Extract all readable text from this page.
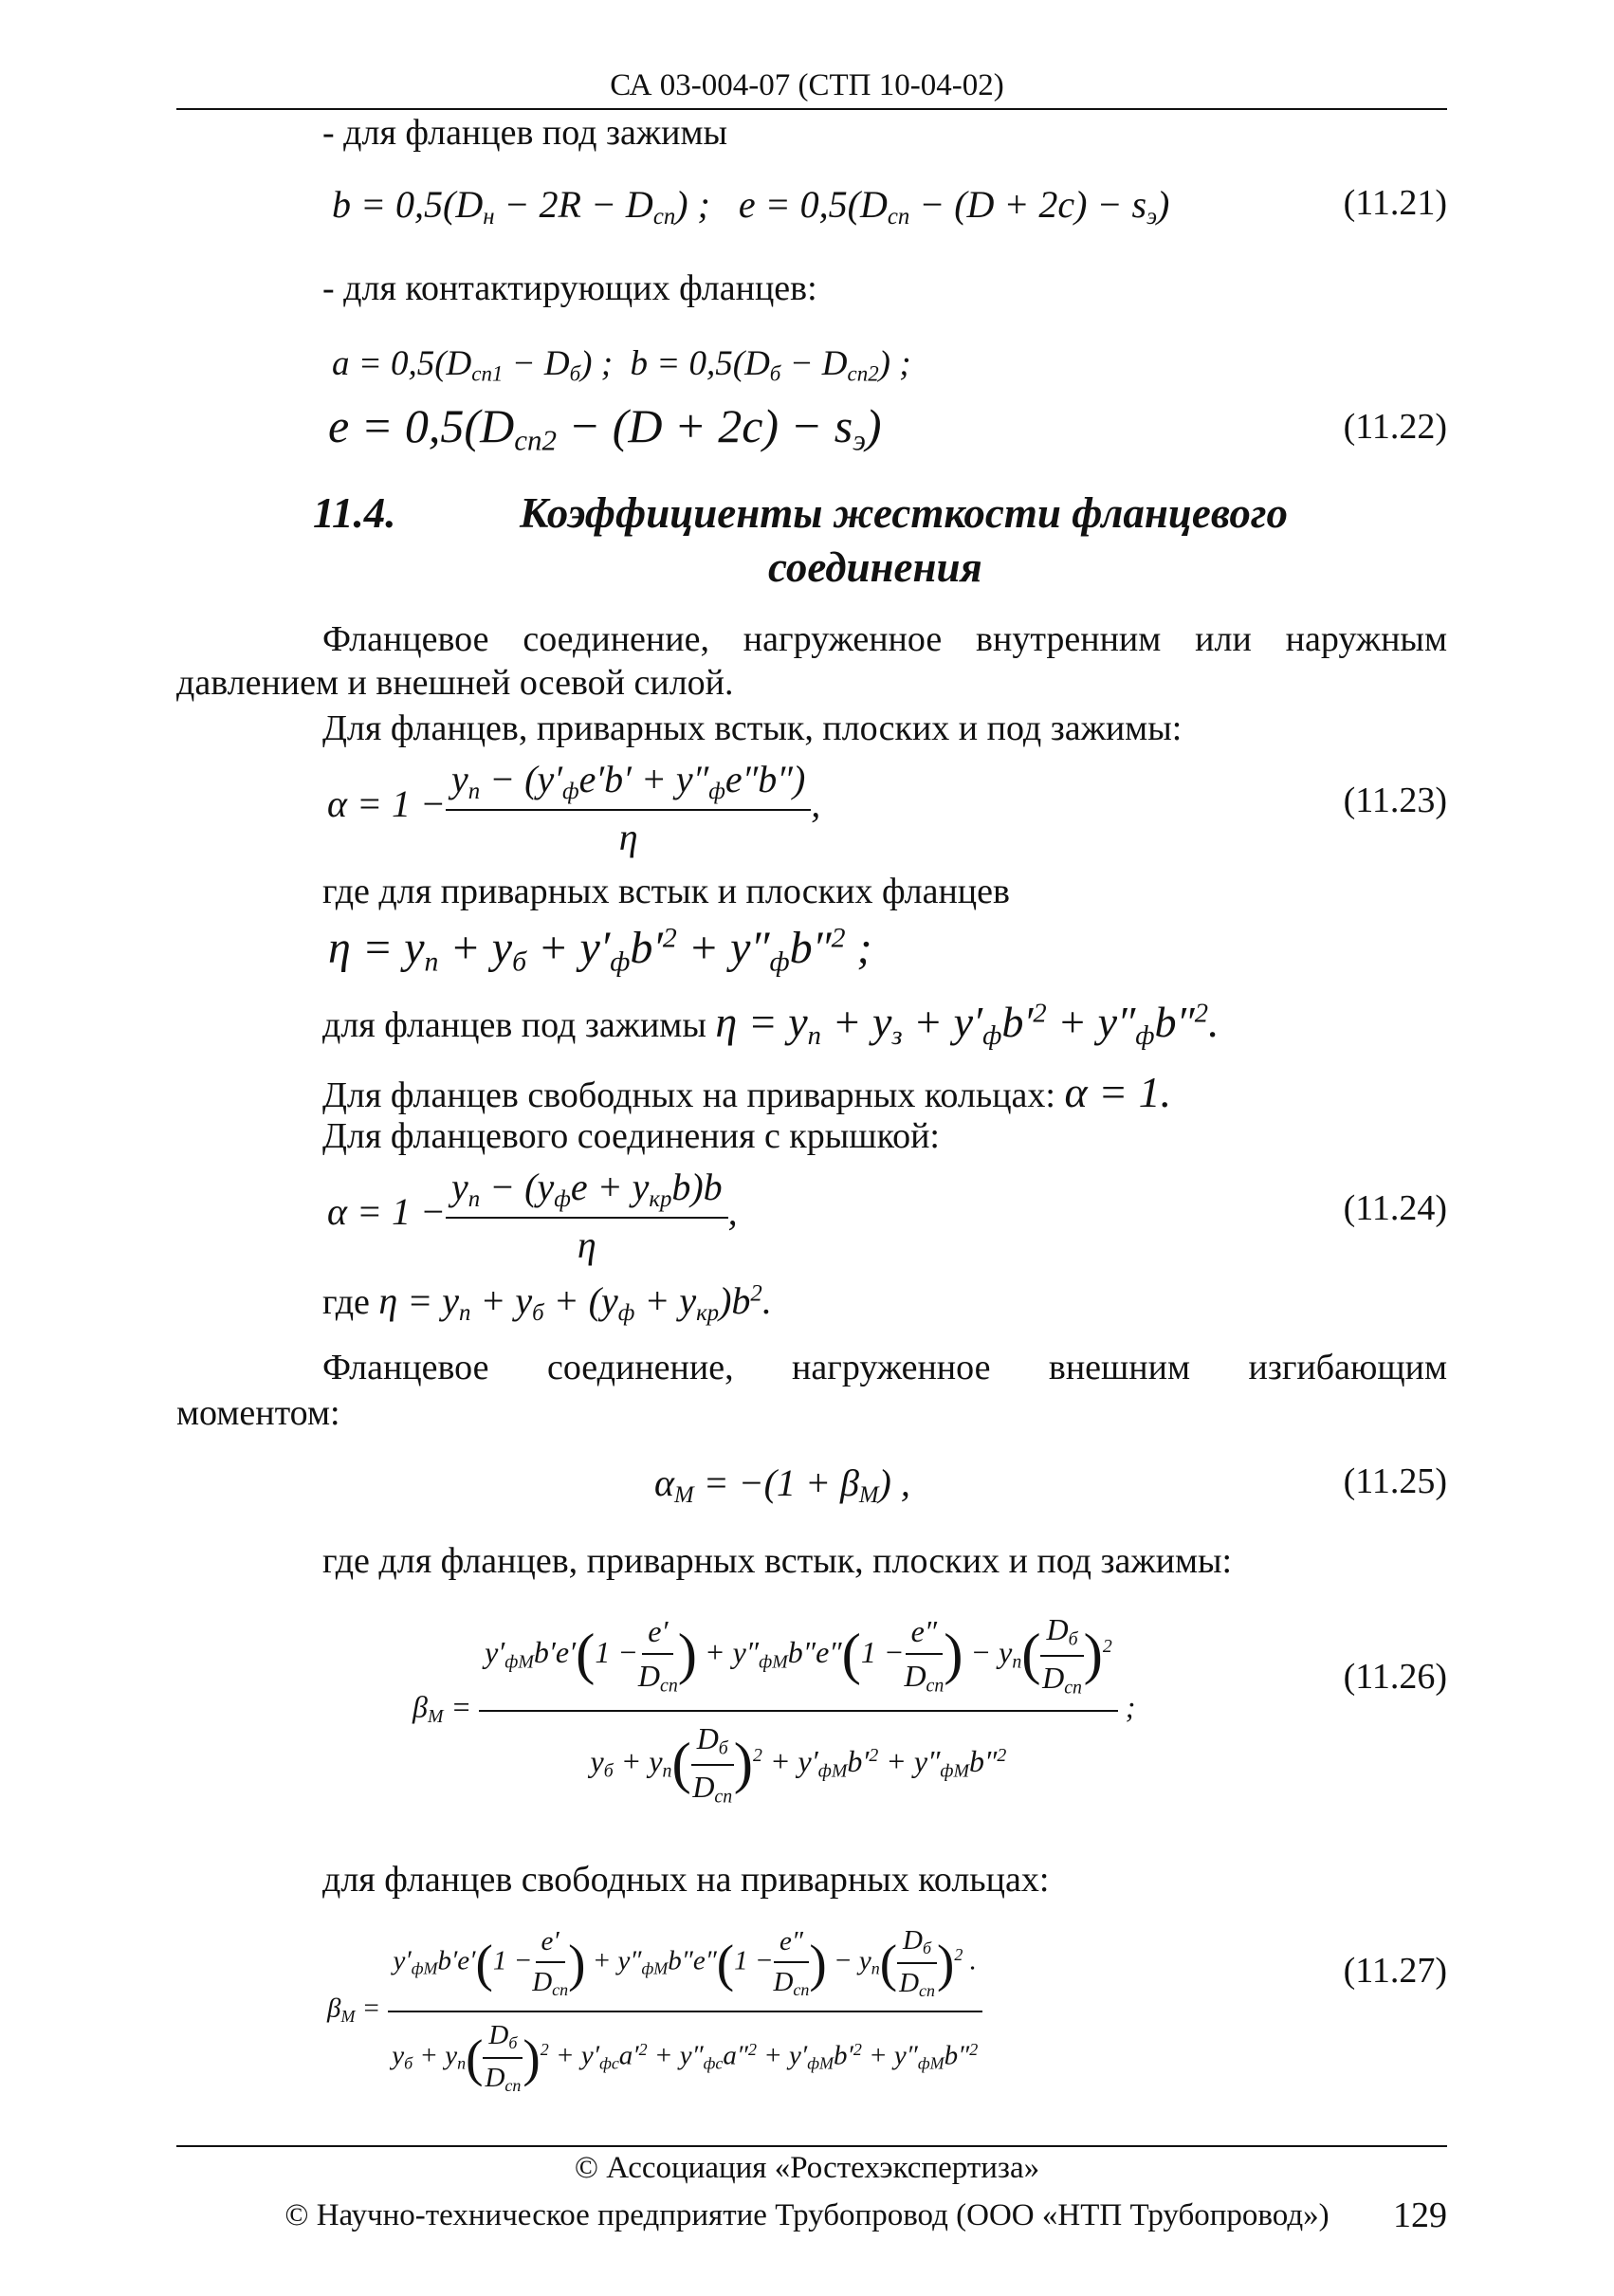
СА 03-004-07 (СТП 10-04-02)
- для фланцев под зажимы
$b = 0,5(D_н - 2R - D_{сп})$ ;   $e = 0,5(D_{сп} - (D + 2c) - s_э)$	(11.21)
- для контактирующих фланцев:
$a = 0,5(D_{сп1} - D_б)$ ;  $b = 0,5(D_б - D_{сп2})$ ;
$e = 0,5(D_{сп2} - (D + 2c) - s_э)$	(11.22)
11.4.	Коэффициенты жесткости фланцевого
соединения
Фланцевое соединение, нагруженное внутренним или наружным
давлением и внешней осевой силой.
Для фланцев, приварных встык, плоских и под зажимы:
$\alpha = 1 - \frac{y_п - (y'_фe'b' + y''_фe''b'')}{\eta}$ ,	(11.23)
где для приварных встык и плоских фланцев
$\eta = y_п + y_б + y'_фb'^2 + y''_фb''^2$ ;
для фланцев под зажимы $\eta = y_п + y_з + y'_фb'^2 + y''_фb''^2$.
Для фланцев свободных на приварных кольцах: α = 1.
Для фланцевого соединения с крышкой:
$\alpha = 1 - \frac{y_п - (y_фe + y_{кр}b)b}{\eta}$ ,	(11.24)
где $\eta = y_п + y_б + (y_ф + y_{кр})b^2$.
Фланцевое соединение, нагруженное внешним изгибающим
моментом:
$\alpha_М = -(1 + \beta_М)$ ,	(11.25)
где для фланцев, приварных встык, плоских и под зажимы:
$\beta_М$ =
$y'_{фМ}b'e'(1 - \frac{e'}{D_{сп}}$ ) + $y''_{фМ}b''e''(1 - \frac{e''}{D_{сп}}$ ) − $y_п( \frac{D_б}{D_{сп}} )^2$
$y_б + y_п( \frac{D_б}{D_{сп}} )^2 + y'_{фМ}b'^2 + y''_{фМ}b''^2$
;
(11.26)
для фланцев свободных на приварных кольцах:
$\beta_М$ =
$y'_{фМ}b'e'(1 - \frac{e'}{D_{сп}}$ ) + $y''_{фМ}b''e''(1 - \frac{e''}{D_{сп}}$ ) − $y_п( \frac{D_б}{D_{сп}} )^2$ .
$y_б + y_п( \frac{D_б}{D_{сп}} )^2 + y'_{фс}a'^2 + y''_{фс}a''^2 + y'_{фМ}b'^2 + y''_{фМ}b''^2$
(11.27)
© Ассоциация «Ростехэкспертиза»
© Научно-техническое предприятие Трубопровод (ООО «НТП Трубопровод»)	129
